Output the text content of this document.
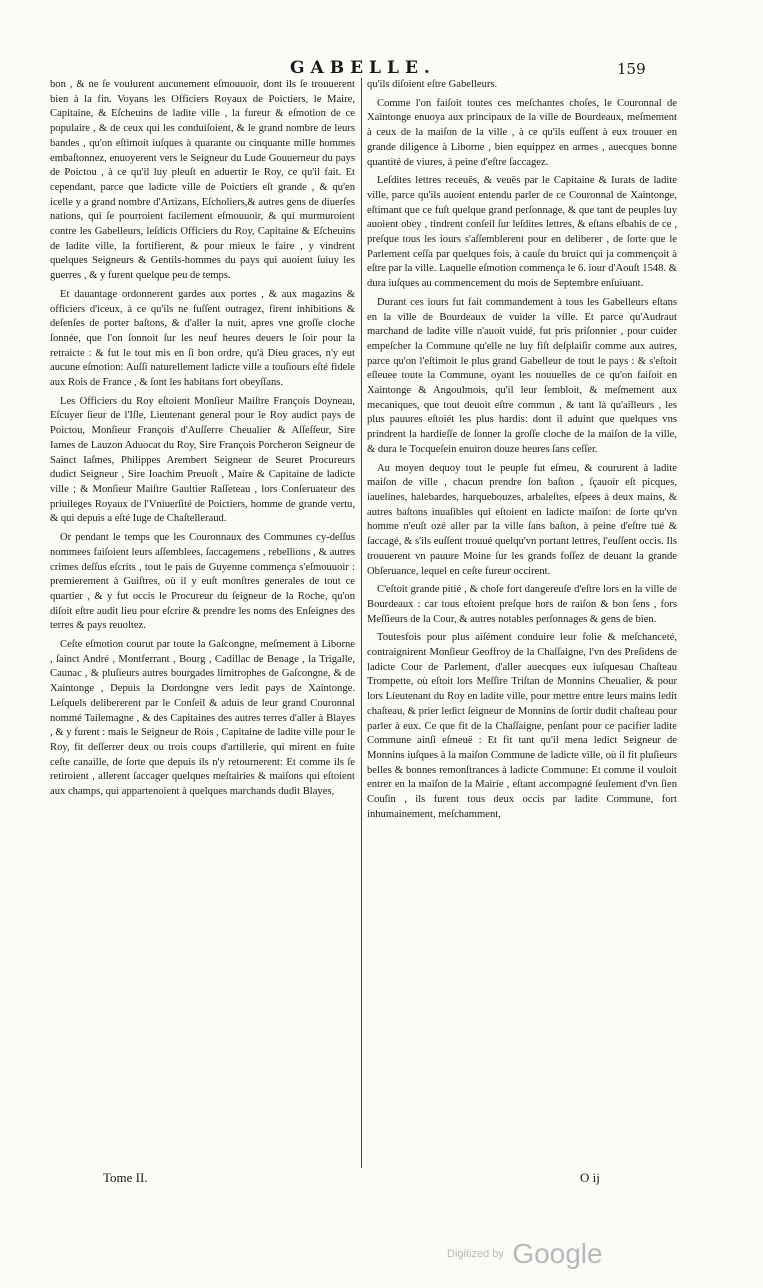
GABELLE.	159

bon , & ne ſe voulurent aucunement eſmouuoir, dont ils ſe trouuerent bien à la fin. Voyans les Officiers Royaux de Poictiers, le Maire, Capitaine, & Eſcheuins de ladite ville , la fureur & eſmotion de ce populaire , & de ceux qui les conduiſoient, & le grand nombre de leurs bandes , qu'on eſtimoit iuſques à quarante ou cinquante mille hommes embaſtonnez, enuoyerent vers le Seigneur du Lude Gouuerneur du pays de Poictou , à ce qu'il luy pleuſt en aduertir le Roy, ce qu'il fait. Et cependant, parce que ladicte ville de Poictiers eſt grande , & qu'en icelle y a grand nombre d'Artizans, Eſcholiers,& autres gens de diuerſes nations, qui ſe pourroient facilement eſmouuoir, & qui murmuroient contre les Gabelleurs, leſdicts Officiers du Roy, Capitaine & Eſcheuins de ladite ville, la fortifierent, & pour mieux le faire , y vindrent quelques Seigneurs & Gentils-hommes du pays qui auoient ſuiuy les guerres , & y furent quelque peu de temps.

Et dauantage ordonnerent gardes aux portes , & aux magazins & officiers d'iceux, à ce qu'ils ne fuſſent outragez, firent inhibitions & deſenſes de porter baſtons, & d'aller la nuit, apres vne groſſe cloche ſonnée, que l'on ſonnoit ſur les neuf heures deuers le ſoir pour la retraicte : & fut le tout mis en ſi bon ordre, qu'à Dieu graces, n'y eut aucune eſmotion: Auſſi naturellement ladicte ville a touſiours eſté fidele aux Rois de France , & ſont les habitans fort obeyſſans.

Les Officiers du Roy eſtoient Monſieur Maiſtre François Doyneau, Eſcuyer ſieur de l'Iſle, Lieutenant general pour le Roy audict pays de Poictou, Monſieur François d'Auſſerre Cheualier & Aſſeſſeur, Sire Iames de Lauzon Aduocat du Roy, Sire François Porcheron Seigneur de Sainct Iaſmes, Philippes Arembert Seigneur de Seuret Procureurs dudict Seigneur , Sire Ioachim Preuoſt , Maire & Capitaine de ladicte ville ; & Monſieur Maiſtre Gaultier Raſſeteau , lors Conſeruateur des priuileges Royaux de l'Vniuerſité de Poictiers, homme de grande vertu, & qui depuis a eſté Iuge de Chaſtelleraud.

Or pendant le temps que les Couronnaux des Communes cy-deſſus nommees faiſoient leurs aſſemblees, ſaccagemens , rebellions , & autres crimes deſſus eſcrits , tout le pais de Guyenne commença s'eſmouuoir : premierement à Guiſtres, où il y euſt monſtres generales de tout ce quartier , & y fut occis le Procureur du ſeigneur de la Roche, qu'on diſoit eſtre audit lieu pour eſcrire & prendre les noms des Enſeignes des terres & pays reuoltez.

Ceſte eſmotion courut par toute la Gaſcongne, meſmement à Liborne , ſainct André , Montferrant , Bourg , Cadillac de Benage , la Trigalle, Caunac , & pluſieurs autres bourgades limitrophes de Gaſcongne, & de Xaintonge , Depuis la Dordongne vers ledit pays de Xaintonge. Leſquels delibererent par le Conſeil & aduis de leur grand Couronnal nommé Tailemagne , & des Capitaines des autres terres d'aller à Blayes , & y furent : mais le Seigneur de Rois , Capitaine de ladite ville pour le Roy, fit deſſerrer deux ou trois coups d'artillerie, qui mirent en fuite ceſte canaille, de ſorte que depuis ils n'y retournerent: Et comme ils ſe retiroient , allerent ſaccager quelques meſtairies & maiſons qui eſtoient aux champs, qui appartenoient à quelques marchands dudit Blayes,

qu'ils diſoient eſtre Gabelleurs.

Comme l'on faiſoit toutes ces meſchantes choſes, le Couronnal de Xaintonge enuoya aux principaux de la ville de Bourdeaux, meſmement à ceux de la maiſon de la ville , à ce qu'ils euſſent à eux trouuer en grande diligence à Liborne , bien equippez en armes , auecques bonne quantité de viures, à peine d'eſtre ſaccagez.

Leſdites lettres receuës, & veuës par le Capitaine & Iurats de ladite ville, parce qu'ils auoient entendu parler de ce Couronnal de Xaintonge, eſtimant que ce fuſt quelque grand perſonnage, & que tant de peuples luy auoient obey , tindrent conſeil ſur leſdites lettres, & eſtans eſbahis de ce , preſque tous les iours s'aſſemblerent pour en deliberer , de ſorte que le Parlement ceſſa par quelques fois, à cauſe du bruict qui ja commençoit à eſtre par la ville. Laquelle eſmotion commença le 6. iour d'Aouſt 1548. & dura iuſques au commencement du mois de Septembre enſuiuant.

Durant ces iours fut fait commandement à tous les Gabelleurs eſtans en la ville de Bourdeaux de vuider la ville. Et parce qu'Audraut marchand de ladite ville n'auoit vuidé, fut pris priſonnier , pour cuider empeſcher la Commune qu'elle ne luy fiſt deſplaiſir comme aux autres, parce qu'on l'eſtimoit le plus grand Gabelleur de tout le pays : & s'eſtoit eſleuee toute la Commune, oyant les nouuelles de ce qu'on faiſoit en Xaintonge & Angoulmois, qu'il leur ſembloit, & meſmement aux mecaniques, que tout deuoit eſtre commun , & tant là qu'ailleurs , les plus pauures eſtoiét les plus hardis: dont il aduint que quelques vns prindrent la hardieſſe de ſonner la groſſe cloche de la maiſon de la ville, & dura le Tocqueſein enuiron douze heures ſans ceſſer.

Au moyen dequoy tout le peuple fut eſmeu, & coururent à ladite maiſon de ville , chacun prendre ſon baſton , ſçauoir eſt picques, iauelines, halebardes, harquebouzes, arbaleſtes, eſpees à deux mains, & autres baſtons inuaſibles qui eſtoient en ladicte maiſon: de ſorte qu'vn homme n'euſt ozé aller par la ville ſans baſton, à peine d'eſtre tué & ſaccagé, & s'ils euſſent trouué quelqu'vn portant lettres, l'euſſent occis. Ils trouuerent vn pauure Moine ſur les grands foſſez de deuant la grande Obſeruance, lequel en ceſte fureur occirent.

C'eſtoit grande pitié , & choſe fort dangereuſe d'eſtre lors en la ville de Bourdeaux : car tous eſtoient preſque hors de raiſon & bon ſens , fors Meſſieurs de la Cour, & autres notables perſonnages & gens de bien.

Toutesfois pour plus aiſément conduire leur folie & meſchanceté, contraignirent Monſieur Geoffroy de la Chaſſaigne, l'vn des Preſidens de ladicte Cour de Parlement, d'aller auecques eux iuſquesau Chaſteau Trompette, où eſtoit lors Meſſire Triſtan de Monnins Cheualier, & pour lors Lieutenant du Roy en ladite ville, pour mettre entre leurs mains ledit chaſteau, & prier ledict ſeigneur de Monnins de ſortir dudit chaſteau pour parler à eux. Ce que fit de la Chaſſaigne, penſant pour ce pacifier ladite Commune ainſi eſmeuë : Et fit tant qu'il mena ledict Seigneur de Monnins iuſques à la maiſon Commune de ladicte ville, où il fit pluſieurs belles & bonnes remonſtrances à ladicte Commune: Et comme il vouloit entrer en la maiſon de la Mairie , eſtant accompagné ſeulement d'vn ſien Couſin , ils furent tous deux occis par ladite Commune, fort inhumainement, meſchamment,

Tome II.	O ij
Digitized by Google
